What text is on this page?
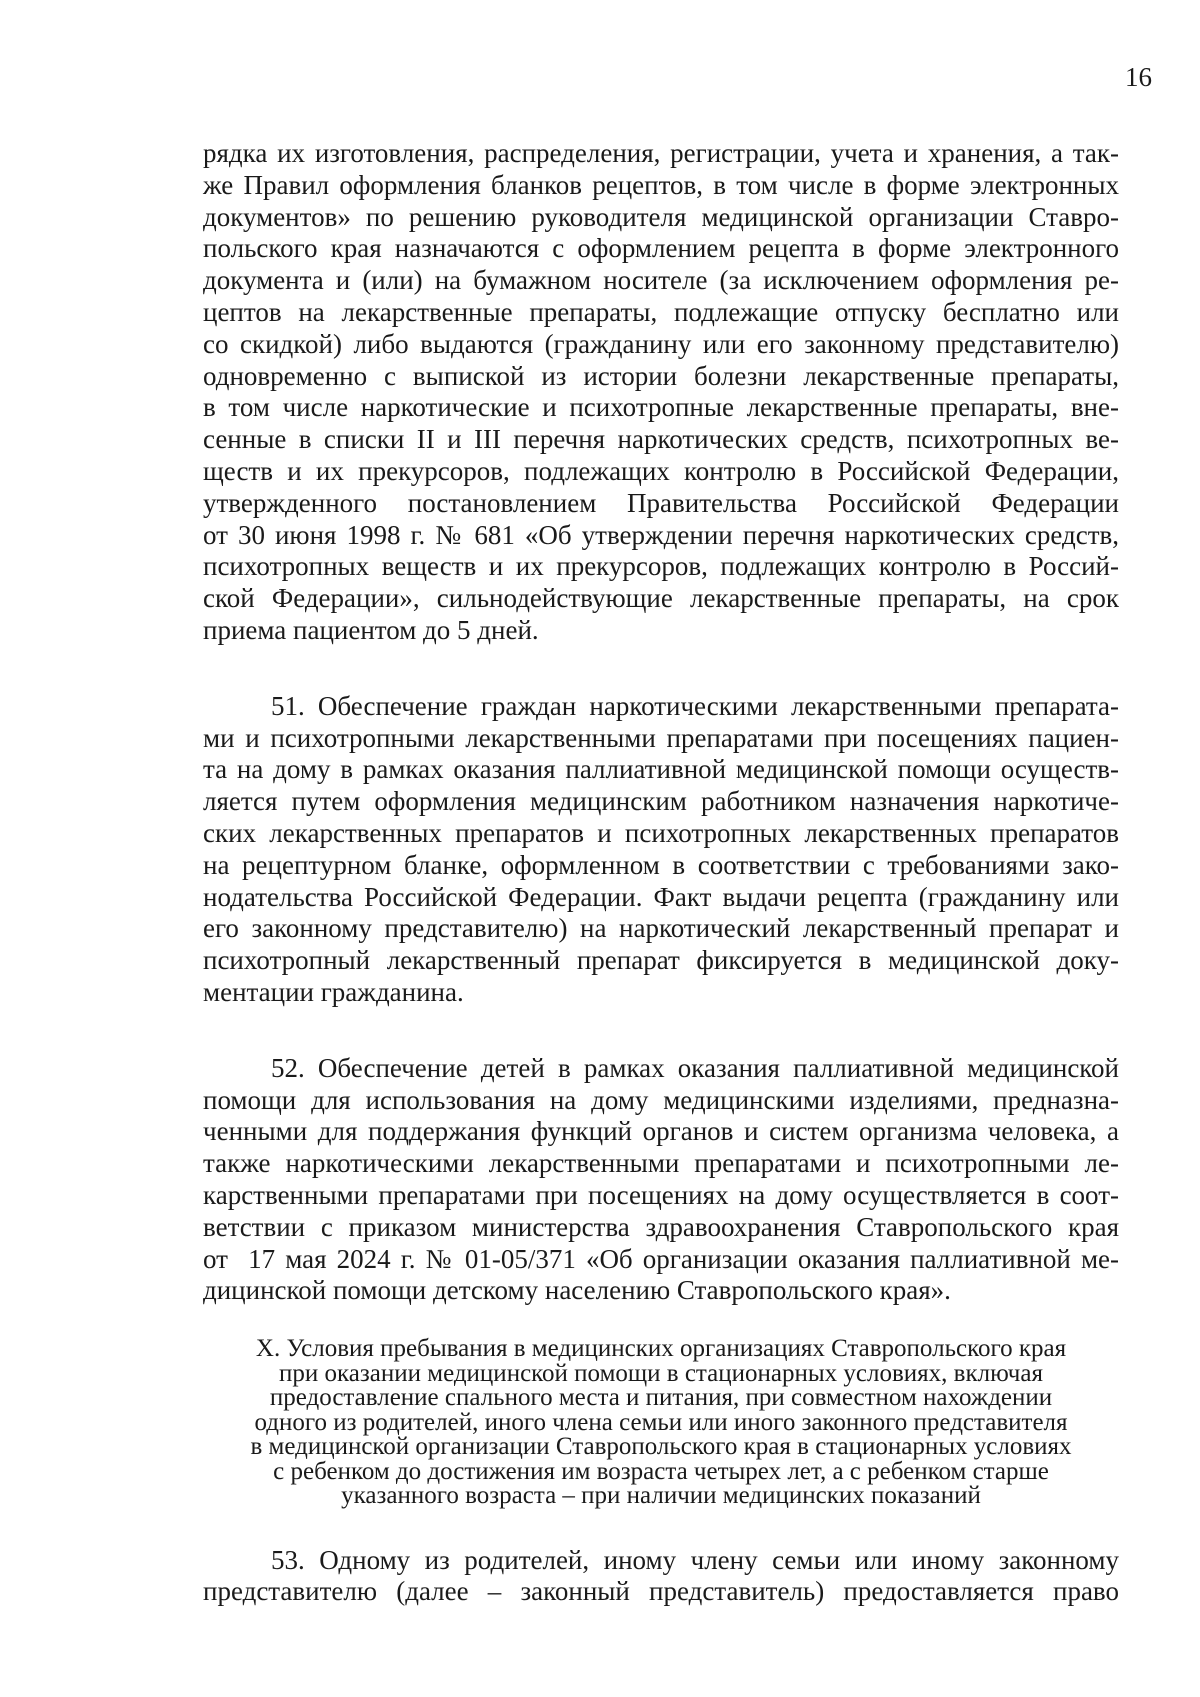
16

рядка их изготовления, распределения, регистрации, учета и хранения, а так-
же Правил оформления бланков рецептов, в том числе в форме электронных
документов» по решению руководителя медицинской организации Ставро-
польского края назначаются с оформлением рецепта в форме электронного
документа и (или) на бумажном носителе (за исключением оформления ре-
цептов на лекарственные препараты, подлежащие отпуску бесплатно или
со скидкой) либо выдаются (гражданину или его законному представителю)
одновременно с выпиской из истории болезни лекарственные препараты,
в том числе наркотические и психотропные лекарственные препараты, вне-
сенные в списки II и III перечня наркотических средств, психотропных ве-
ществ и их прекурсоров, подлежащих контролю в Российской Федерации,
утвержденного постановлением Правительства Российской Федерации
от 30 июня 1998 г. № 681 «Об утверждении перечня наркотических средств,
психотропных веществ и их прекурсоров, подлежащих контролю в Россий-
ской Федерации», сильнодействующие лекарственные препараты, на срок
приема пациентом до 5 дней.

51. Обеспечение граждан наркотическими лекарственными препарата-
ми и психотропными лекарственными препаратами при посещениях пациен-
та на дому в рамках оказания паллиативной медицинской помощи осуществ-
ляется путем оформления медицинским работником назначения наркотиче-
ских лекарственных препаратов и психотропных лекарственных препаратов
на рецептурном бланке, оформленном в соответствии с требованиями зако-
нодательства Российской Федерации. Факт выдачи рецепта (гражданину или
его законному представителю) на наркотический лекарственный препарат и
психотропный лекарственный препарат фиксируется в медицинской доку-
ментации гражданина.

52. Обеспечение детей в рамках оказания паллиативной медицинской
помощи для использования на дому медицинскими изделиями, предназна-
ченными для поддержания функций органов и систем организма человека, а
также наркотическими лекарственными препаратами и психотропными ле-
карственными препаратами при посещениях на дому осуществляется в соот-
ветствии с приказом министерства здравоохранения Ставропольского края
от  17 мая 2024 г. № 01-05/371 «Об организации оказания паллиативной ме-
дицинской помощи детскому населению Ставропольского края».

X. Условия пребывания в медицинских организациях Ставропольского края
при оказании медицинской помощи в стационарных условиях, включая
предоставление спального места и питания, при совместном нахождении
одного из родителей, иного члена семьи или иного законного представителя
в медицинской организации Ставропольского края в стационарных условиях
с ребенком до достижения им возраста четырех лет, а с ребенком старше
указанного возраста – при наличии медицинских показаний

53. Одному из родителей, иному члену семьи или иному законному
представителю (далее – законный представитель) предоставляется право
